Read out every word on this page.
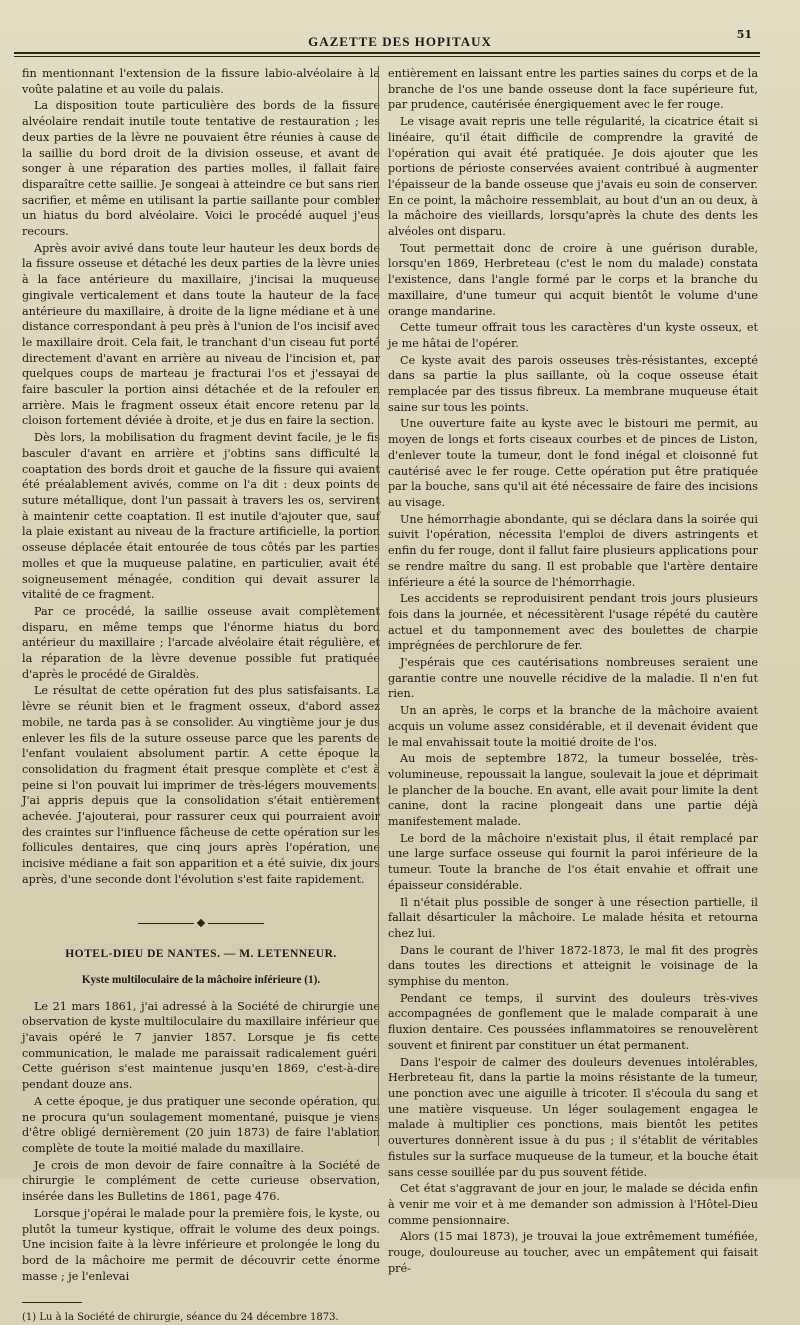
GAZETTE DES HOPITAUX	51

fin mentionnant l'extension de la fissure labio-alvéolaire à la voûte palatine et au voile du palais.

La disposition toute particulière des bords de la fissure alvéolaire rendait inutile toute tentative de restauration ; les deux parties de la lèvre ne pouvaient être réunies à cause de la saillie du bord droit de la division osseuse, et avant de songer à une réparation des parties molles, il fallait faire disparaître cette saillie. Je songeai à atteindre ce but sans rien sacrifier, et même en utilisant la partie saillante pour combler un hiatus du bord alvéolaire. Voici le procédé auquel j'eus recours.

Après avoir avivé dans toute leur hauteur les deux bords de la fissure osseuse et détaché les deux parties de la lèvre unies à la face antérieure du maxillaire, j'incisai la muqueuse gingivale verticalement et dans toute la hauteur de la face antérieure du maxillaire, à droite de la ligne médiane et à une distance correspondant à peu près à l'union de l'os incisif avec le maxillaire droit. Cela fait, le tranchant d'un ciseau fut porté directement d'avant en arrière au niveau de l'incision et, par quelques coups de marteau je fracturai l'os et j'essayai de faire basculer la portion ainsi détachée et de la refouler en arrière. Mais le fragment osseux était encore retenu par la cloison fortement déviée à droite, et je dus en faire la section.

Dès lors, la mobilisation du fragment devint facile, je le fis basculer d'avant en arrière et j'obtins sans difficulté la coaptation des bords droit et gauche de la fissure qui avaient été préalablement avivés, comme on l'a dit : deux points de suture métallique, dont l'un passait à travers les os, servirent à maintenir cette coaptation. Il est inutile d'ajouter que, sauf la plaie existant au niveau de la fracture artificielle, la portion osseuse déplacée était entourée de tous côtés par les parties molles et que la muqueuse palatine, en particulier, avait été soigneusement ménagée, condition qui devait assurer la vitalité de ce fragment.

Par ce procédé, la saillie osseuse avait complètement disparu, en même temps que l'énorme hiatus du bord antérieur du maxillaire ; l'arcade alvéolaire était régulière, et la réparation de la lèvre devenue possible fut pratiquée d'après le procédé de Giraldès.

Le résultat de cette opération fut des plus satisfaisants. La lèvre se réunit bien et le fragment osseux, d'abord assez mobile, ne tarda pas à se consolider. Au vingtième jour je dus enlever les fils de la suture osseuse parce que les parents de l'enfant voulaient absolument partir. A cette époque la consolidation du fragment était presque complète et c'est à peine si l'on pouvait lui imprimer de très-légers mouvements. J'ai appris depuis que la consolidation s'était entièrement achevée. J'ajouterai, pour rassurer ceux qui pourraient avoir des craintes sur l'influence fâcheuse de cette opération sur les follicules dentaires, que cinq jours après l'opération, une incisive médiane a fait son apparition et a été suivie, dix jours après, d'une seconde dont l'évolution s'est faite rapidement.

HOTEL-DIEU DE NANTES. — M. LETENNEUR.
Kyste multiloculaire de la mâchoire inférieure (1).

Le 21 mars 1861, j'ai adressé à la Société de chirurgie une observation de kyste multiloculaire du maxillaire inférieur que j'avais opéré le 7 janvier 1857. Lorsque je fis cette communication, le malade me paraissait radicalement guéri. Cette guérison s'est maintenue jusqu'en 1869, c'est-à-dire pendant douze ans.

A cette époque, je dus pratiquer une seconde opération, qui ne procura qu'un soulagement momentané, puisque je viens d'être obligé dernièrement (20 juin 1873) de faire l'ablation complète de toute la moitié malade du maxillaire.

Je crois de mon devoir de faire connaître à la Société de chirurgie le complément de cette curieuse observation, insérée dans les Bulletins de 1861, page 476.

Lorsque j'opérai le malade pour la première fois, le kyste, ou plutôt la tumeur kystique, offrait le volume des deux poings. Une incision faite à la lèvre inférieure et prolongée le long du bord de la mâchoire me permit de découvrir cette énorme masse ; je l'enlevai

(1) Lu à la Société de chirurgie, séance du 24 décembre 1873.

entièrement en laissant entre les parties saines du corps et de la branche de l'os une bande osseuse dont la face supérieure fut, par prudence, cautérisée énergiquement avec le fer rouge.

Le visage avait repris une telle régularité, la cicatrice était si linéaire, qu'il était difficile de comprendre la gravité de l'opération qui avait été pratiquée. Je dois ajouter que les portions de périoste conservées avaient contribué à augmenter l'épaisseur de la bande osseuse que j'avais eu soin de conserver. En ce point, la mâchoire ressemblait, au bout d'un an ou deux, à la mâchoire des vieillards, lorsqu'après la chute des dents les alvéoles ont disparu.

Tout permettait donc de croire à une guérison durable, lorsqu'en 1869, Herbreteau (c'est le nom du malade) constata l'existence, dans l'angle formé par le corps et la branche du maxillaire, d'une tumeur qui acquit bientôt le volume d'une orange mandarine.

Cette tumeur offrait tous les caractères d'un kyste osseux, et je me hâtai de l'opérer.

Ce kyste avait des parois osseuses très-résistantes, excepté dans sa partie la plus saillante, où la coque osseuse était remplacée par des tissus fibreux. La membrane muqueuse était saine sur tous les points.

Une ouverture faite au kyste avec le bistouri me permit, au moyen de longs et forts ciseaux courbes et de pinces de Liston, d'enlever toute la tumeur, dont le fond inégal et cloisonné fut cautérisé avec le fer rouge. Cette opération put être pratiquée par la bouche, sans qu'il ait été nécessaire de faire des incisions au visage.

Une hémorrhagie abondante, qui se déclara dans la soirée qui suivit l'opération, nécessita l'emploi de divers astringents et enfin du fer rouge, dont il fallut faire plusieurs applications pour se rendre maître du sang. Il est probable que l'artère dentaire inférieure a été la source de l'hémorrhagie.

Les accidents se reproduisirent pendant trois jours plusieurs fois dans la journée, et nécessitèrent l'usage répété du cautère actuel et du tamponnement avec des boulettes de charpie imprégnées de perchlorure de fer.

J'espérais que ces cautérisations nombreuses seraient une garantie contre une nouvelle récidive de la maladie. Il n'en fut rien.

Un an après, le corps et la branche de la mâchoire avaient acquis un volume assez considérable, et il devenait évident que le mal envahissait toute la moitié droite de l'os.

Au mois de septembre 1872, la tumeur bosselée, très-volumineuse, repoussait la langue, soulevait la joue et déprimait le plancher de la bouche. En avant, elle avait pour limite la dent canine, dont la racine plongeait dans une partie déjà manifestement malade.

Le bord de la mâchoire n'existait plus, il était remplacé par une large surface osseuse qui fournit la paroi inférieure de la tumeur. Toute la branche de l'os était envahie et offrait une épaisseur considérable.

Il n'était plus possible de songer à une résection partielle, il fallait désarticuler la mâchoire. Le malade hésita et retourna chez lui.

Dans le courant de l'hiver 1872-1873, le mal fit des progrès dans toutes les directions et atteignit le voisinage de la symphise du menton.

Pendant ce temps, il survint des douleurs très-vives accompagnées de gonflement que le malade comparait à une fluxion dentaire. Ces poussées inflammatoires se renouvelèrent souvent et finirent par constituer un état permanent.

Dans l'espoir de calmer des douleurs devenues intolérables, Herbreteau fit, dans la partie la moins résistante de la tumeur, une ponction avec une aiguille à tricoter. Il s'écoula du sang et une matière visqueuse. Un léger soulagement engagea le malade à multiplier ces ponctions, mais bientôt les petites ouvertures donnèrent issue à du pus ; il s'établit de véritables fistules sur la surface muqueuse de la tumeur, et la bouche était sans cesse souillée par du pus souvent fétide.

Cet état s'aggravant de jour en jour, le malade se décida enfin à venir me voir et à me demander son admission à l'Hôtel-Dieu comme pensionnaire.

Alors (15 mai 1873), je trouvai la joue extrêmement tuméfiée, rouge, douloureuse au toucher, avec un empâtement qui faisait pré-
